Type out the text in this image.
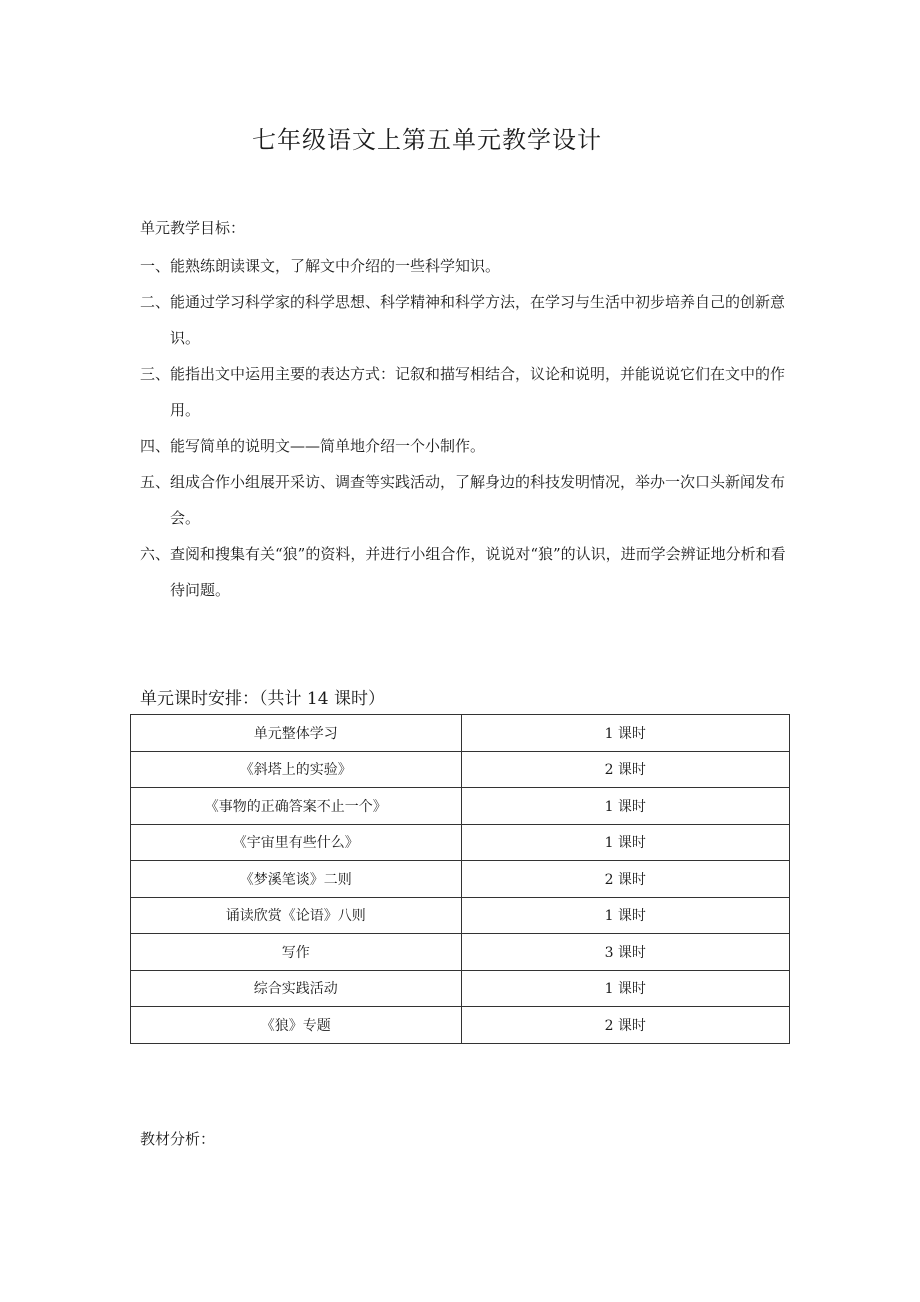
七年级语文上第五单元教学设计
单元教学目标：
一、能熟练朗读课文，了解文中介绍的一些科学知识。
二、能通过学习科学家的科学思想、科学精神和科学方法，在学习与生活中初步培养自己的创新意识。
三、能指出文中运用主要的表达方式：记叙和描写相结合，议论和说明，并能说说它们在文中的作用。
四、能写简单的说明文——简单地介绍一个小制作。
五、组成合作小组展开采访、调查等实践活动，了解身边的科技发明情况，举办一次口头新闻发布会。
六、查阅和搜集有关“狼”的资料，并进行小组合作，说说对“狼”的认识，进而学会辨证地分析和看待问题。
单元课时安排：（共计 14 课时）
单元整体学习	1 课时
《斜塔上的实验》	2 课时
《事物的正确答案不止一个》	1 课时
《宇宙里有些什么》	1 课时
《梦溪笔谈》二则	2 课时
诵读欣赏《论语》八则	1 课时
写作	3 课时
综合实践活动	1 课时
《狼》专题	2 课时
教材分析：
